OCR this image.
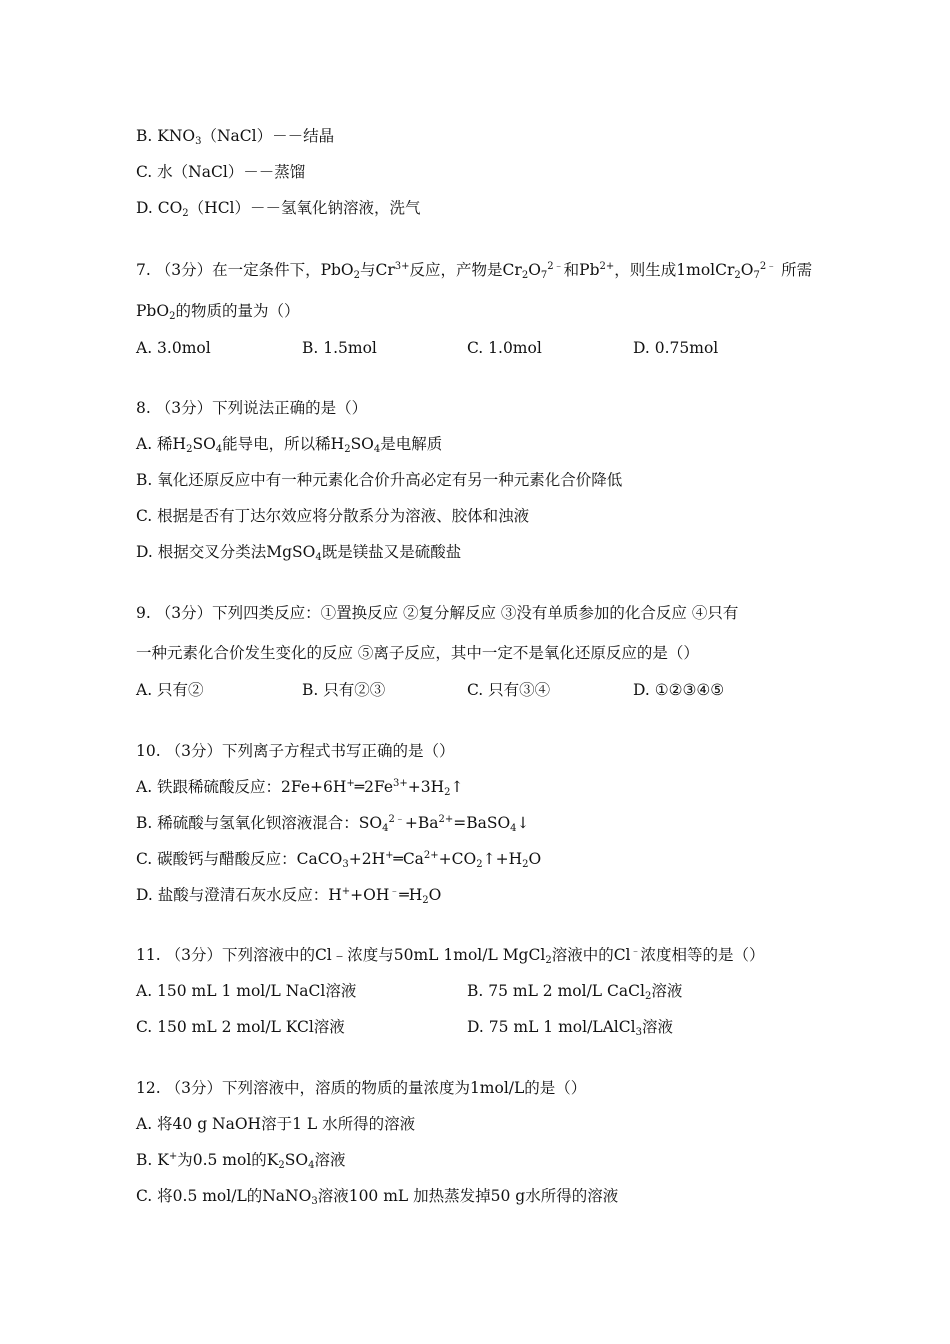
B. $KNO_3(NaCl)--$结晶
C. 水（NaCl）－－蒸馏
D. $CO_2(HCl)--$氢氧化钠溶液，洗气
7. （3分）在一定条件下，PbO$_2$与$Cr^{3+}$反应，产物是$Cr_2O_7^{2﹣}$和$Pb^{2+}$，则生成$1molCr_2O_7^{2﹣}$ 所需
PbO$_2$的物质的量为（）
A. 3.0mol	B. 1.5mol	C. 1.0mol	D. 0.75mol
8. （3分）下列说法正确的是（）
A. 稀$H_2SO_4$能导电，所以稀$H_2SO_4$是电解质
B. 氧化还原反应中有一种元素化合价升高必定有另一种元素化合价降低
C. 根据是否有丁达尔效应将分散系分为溶液、胶体和浊液
D. 根据交叉分类法MgSO$_4$既是镁盐又是硫酸盐
9. （3分）下列四类反应：①置换反应 ②复分解反应 ③没有单质参加的化合反应 ④只有
一种元素化合价发生变化的反应 ⑤离子反应，其中一定不是氧化还原反应的是（）
A. 只有②	B. 只有②③	C. 只有③④	D. ①②③④⑤
10. （3分）下列离子方程式书写正确的是（）
A. 铁跟稀硫酸反应：$2Fe+6H^+═2Fe^{3+}+3H_2↑$
B. 稀硫酸与氢氧化钡溶液混合：$SO_4^{2﹣}+Ba^{2+}=BaSO_4↓$
C. 碳酸钙与醋酸反应：$CaCO_3+2H^+═Ca^{2+}+CO_2↑+H_2O$
D. 盐酸与澄清石灰水反应：$H^++OH^﹣═H_2O$
11. （3分）下列溶液中的Cl﹣浓度与50mL 1mol/L MgCl$_2$溶液中的Cl﹣浓度相等的是（）
A. 150 mL 1 mol/L NaCl溶液	B. 75 mL 2 mol/L CaCl$_2$溶液
C. 150 mL 2 mol/L KCl溶液	D. 75 mL 1 mol/LAlCl$_3$溶液
12. （3分）下列溶液中，溶质的物质的量浓度为1mol/L的是（）
A. 将40 g NaOH溶于1 L 水所得的溶液
B. K+为0.5 mol的$K_2SO_4$溶液
C. 将0.5 mol/L的NaNO$_3$溶液100 mL 加热蒸发掉50 g水所得的溶液
